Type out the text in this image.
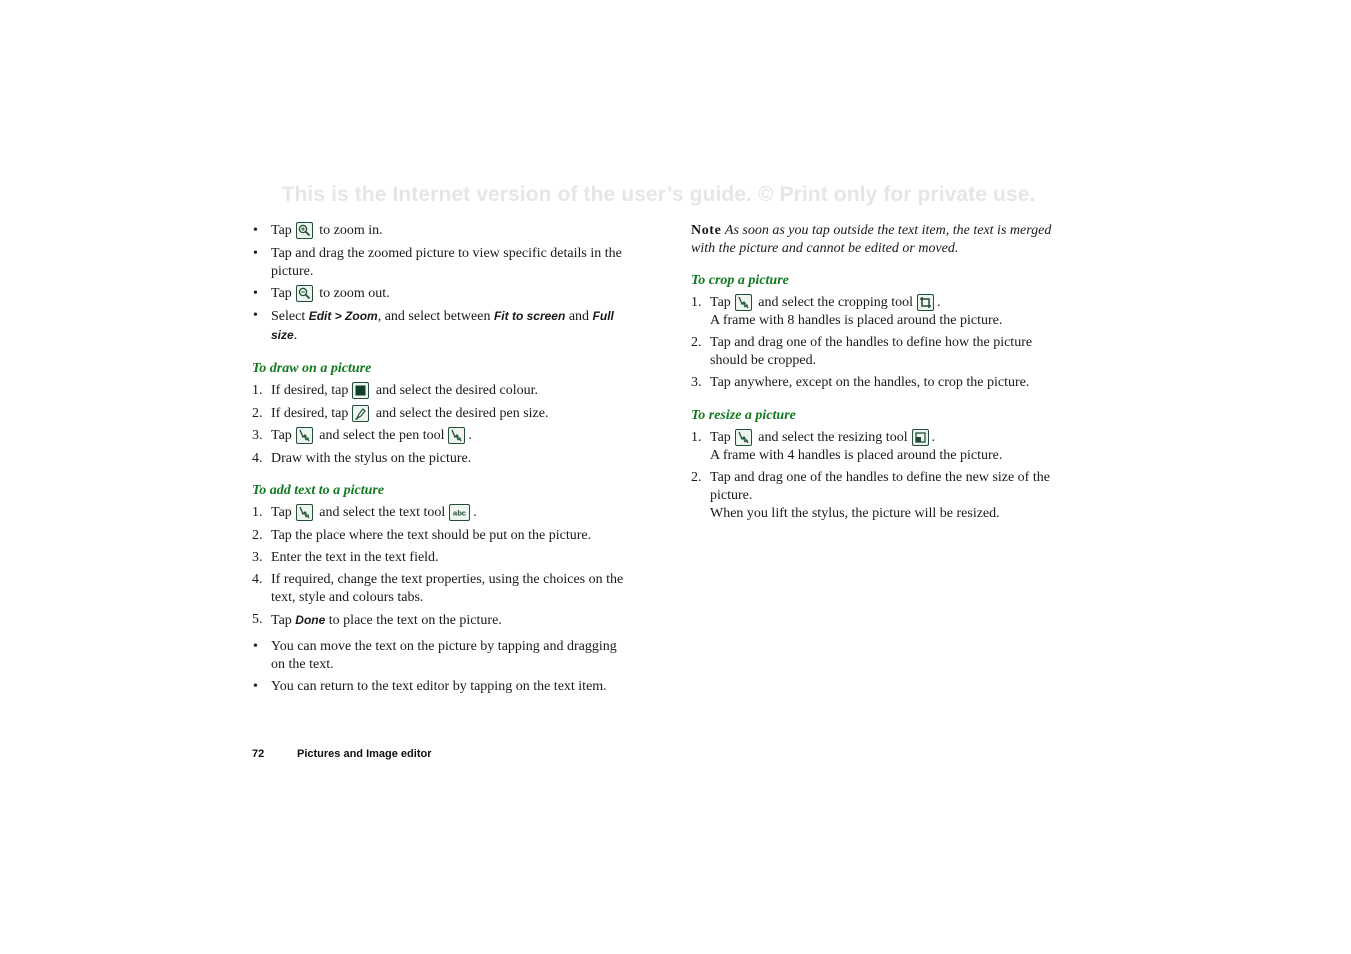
This is the Internet version of the user’s guide. © Print only for private use.
• Tap to zoom in.
• Tap and drag the zoomed picture to view specific details in the picture.
• Tap to zoom out.
• Select Edit > Zoom, and select between Fit to screen and Full size.

To draw on a picture

1. If desired, tap and select the desired colour.
2. If desired, tap and select the desired pen size.
3. Tap and select the pen tool .
4. Draw with the stylus on the picture.

To add text to a picture

1. Tap and select the text tool abc .
2. Tap the place where the text should be put on the picture.
3. Enter the text in the text field.
4. If required, change the text properties, using the choices on the text, style and colours tabs.
5. Tap Done to place the text on the picture.
• You can move the text on the picture by tapping and dragging on the text.
• You can return to the text editor by tapping on the text item.

Note As soon as you tap outside the text item, the text is merged with the picture and cannot be edited or moved.

To crop a picture

1. Tap and select the cropping tool .
A frame with 8 handles is placed around the picture.
2. Tap and drag one of the handles to define how the picture should be cropped.
3. Tap anywhere, except on the handles, to crop the picture.

To resize a picture

1. Tap and select the resizing tool .
A frame with 4 handles is placed around the picture.
2. Tap and drag one of the handles to define the new size of the picture.
When you lift the stylus, the picture will be resized.
72	Pictures and Image editor
